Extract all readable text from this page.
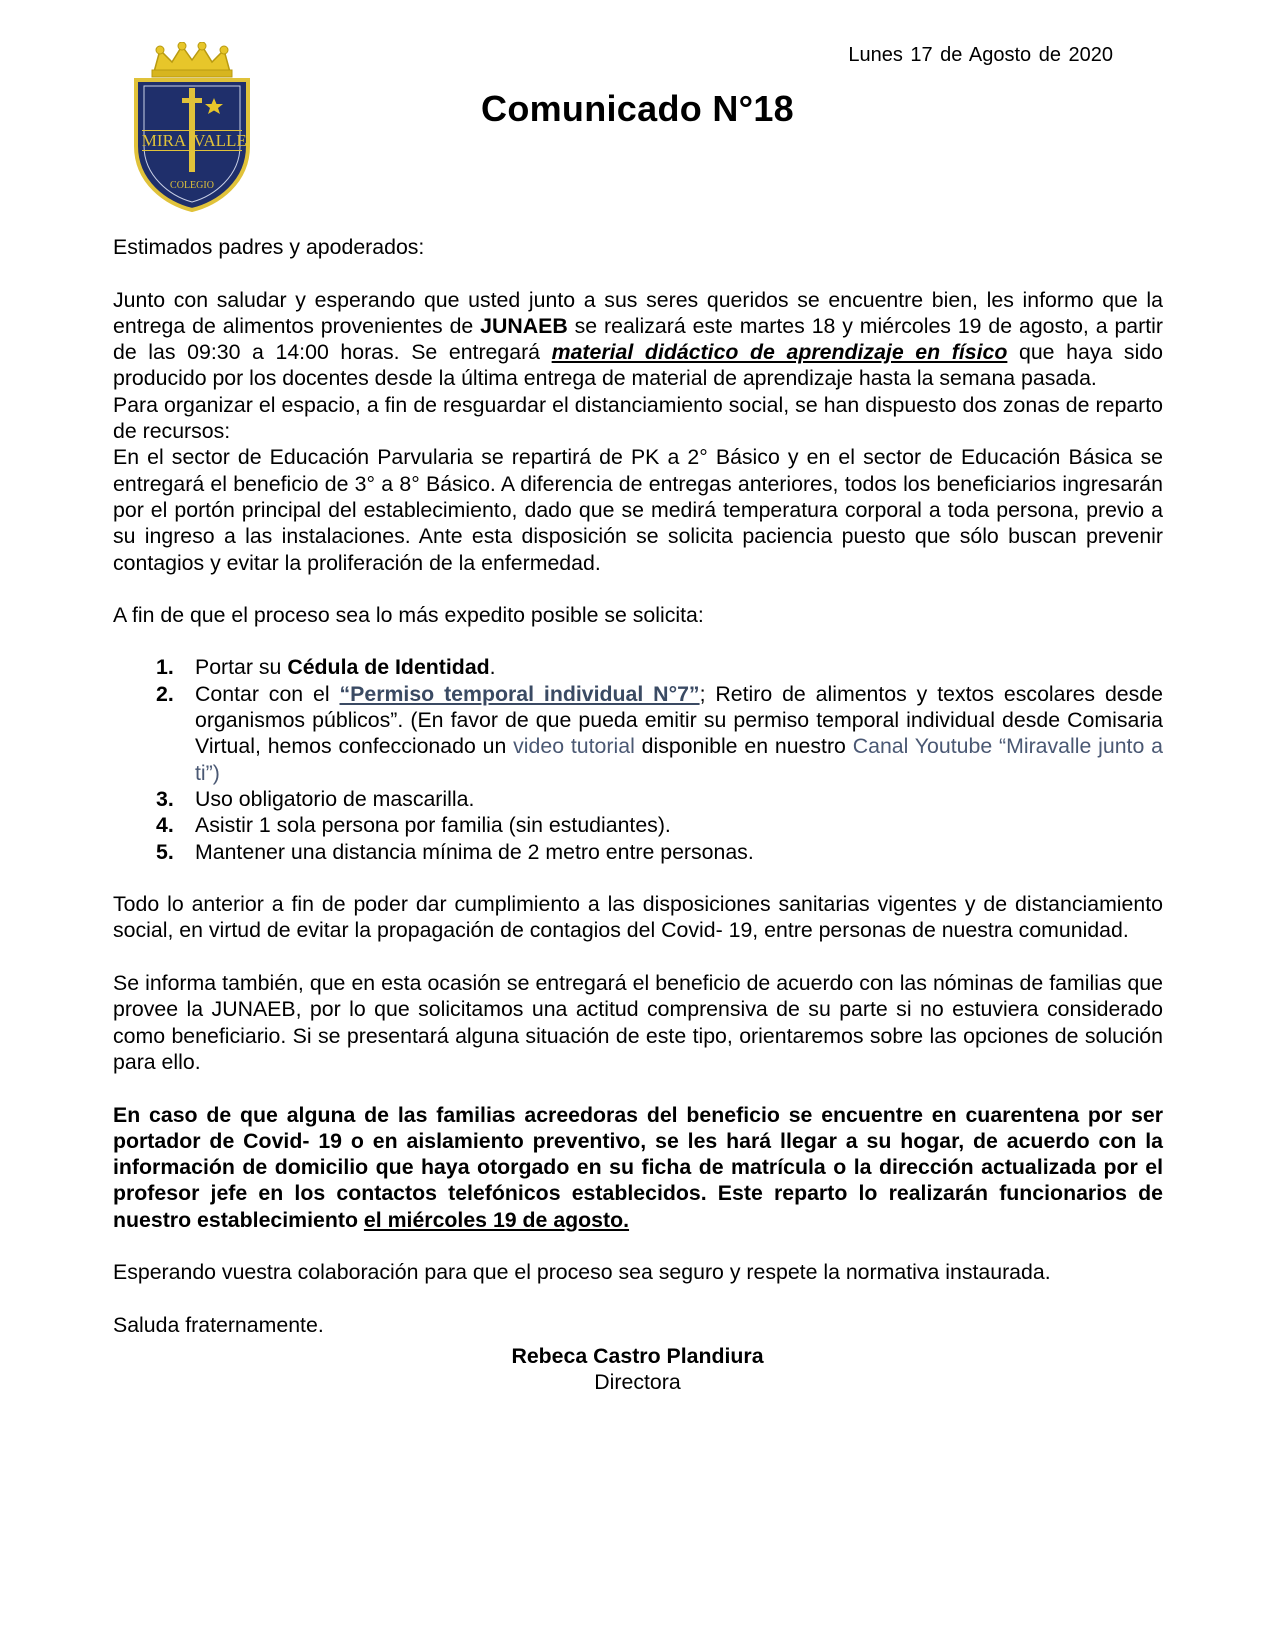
MIRA VALLE
COLEGIO
Lunes 17 de Agosto de 2020
Comunicado N°18

Estimados padres y apoderados:

Junto con saludar y esperando que usted junto a sus seres queridos se encuentre bien, les informo que la entrega de alimentos provenientes de JUNAEB se realizará este martes 18 y miércoles 19 de agosto, a partir de las 09:30 a 14:00 horas. Se entregará material didáctico de aprendizaje en físico que haya sido producido por los docentes desde la última entrega de material de aprendizaje hasta la semana pasada.

Para organizar el espacio, a fin de resguardar el distanciamiento social, se han dispuesto dos zonas de reparto de recursos:

En el sector de Educación Parvularia se repartirá de PK a 2° Básico y en el sector de Educación Básica se entregará el beneficio de 3° a 8° Básico. A diferencia de entregas anteriores, todos los beneficiarios ingresarán por el portón principal del establecimiento, dado que se medirá temperatura corporal a toda persona, previo a su ingreso a las instalaciones. Ante esta disposición se solicita paciencia puesto que sólo buscan prevenir contagios y evitar la proliferación de la enfermedad.

A fin de que el proceso sea lo más expedito posible se solicita:

1. Portar su Cédula de Identidad.
2. Contar con el “Permiso temporal individual N°7”; Retiro de alimentos y textos escolares desde organismos públicos”. (En favor de que pueda emitir su permiso temporal individual desde Comisaria Virtual, hemos confeccionado un video tutorial disponible en nuestro Canal Youtube “Miravalle junto a ti”)
3. Uso obligatorio de mascarilla.
4. Asistir 1 sola persona por familia (sin estudiantes).
5. Mantener una distancia mínima de 2 metro entre personas.

Todo lo anterior a fin de poder dar cumplimiento a las disposiciones sanitarias vigentes y de distanciamiento social, en virtud de evitar la propagación de contagios del Covid- 19, entre personas de nuestra comunidad.

Se informa también, que en esta ocasión se entregará el beneficio de acuerdo con las nóminas de familias que provee la JUNAEB, por lo que solicitamos una actitud comprensiva de su parte si no estuviera considerado como beneficiario. Si se presentará alguna situación de este tipo, orientaremos sobre las opciones de solución para ello.

En caso de que alguna de las familias acreedoras del beneficio se encuentre en cuarentena por ser portador de Covid- 19 o en aislamiento preventivo, se les hará llegar a su hogar, de acuerdo con la información de domicilio que haya otorgado en su ficha de matrícula o la dirección actualizada por el profesor jefe en los contactos telefónicos establecidos. Este reparto lo realizarán funcionarios de nuestro establecimiento el miércoles 19 de agosto.

Esperando vuestra colaboración para que el proceso sea seguro y respete la normativa instaurada.

Saluda fraternamente.

Rebeca Castro Plandiura
Directora
